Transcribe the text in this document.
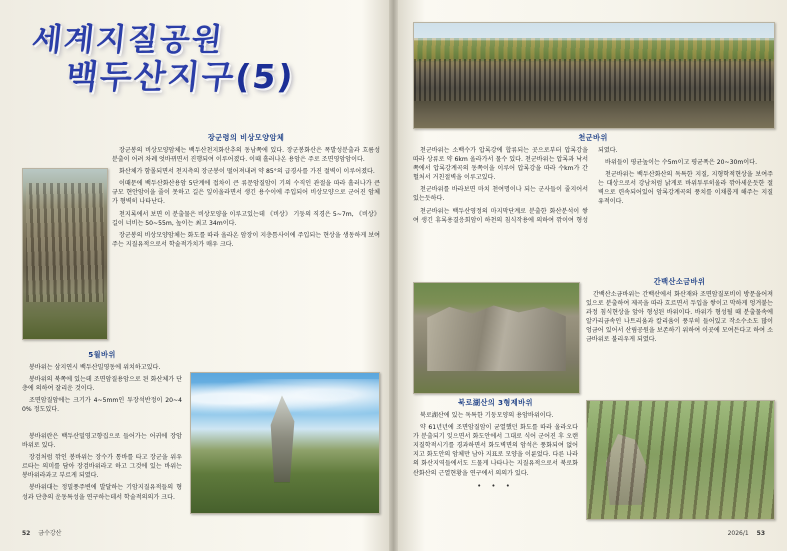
세계지질공원
백두산지구(5)
장군령의 비상모양암체

장군봉의 비상모양암체는 백두산천지화산추의 동남쪽에 있다. 장군봉화산은 폭발성분출과 흐름성분출이 어려 차례 엇바뀌면서 진행되여 이루어졌다. 이때 흘러나온 용암은 주로 조면영암암이다.

화산체가 함몰되면서 천지측의 장군봉이 떨어져내려 약 85°의 급경사를 가진 절벽이 이루어졌다.

이때문에 백두산화산용암 5단계에 접차이 큰 류문암질암이 기의 수직인 관절을 따라 흘러나가 큰 규모 현안암이을 줄이 못하고 길은 잎이올라면서 생긴 용수이에 주입되어 비상모양으로 군어진 암체가 형벽히 나타난다.

천지록에서 보면 이 분출물은 비상모양을 이루고있는데 《비상》 기둥의 직경은 5~7m, 《비상》 길이 너비는 50~55m, 높이는 최고 34m이다.

장군봉의 비상모양암체는 화도를 따라 올라온 암장이 지층틈사이에 주입되는 현상을 생동하게 보여주는 지질유적으로서 학술적가치가 매우 크다.

5월바위

봉바위는 삼지연시 백두산밀영동에 위치하고있다.

봉바위의 북쪽에 있는데 조면암질용암으로 된 화산체가 단층에 의하여 잘리운 것이다.

조면암질암에는 크기가 4~5mm인 투장석반정이 20~40% 정도있다.

봉바위란은 백두산밀영고향집으로 들어가는 어귀에 장암바위로 있다.

장검처럼 깎인 봉바위는 장수가 통바를 타고 장군을 위우르타는 의미를 담아 장검바위라고 하고 그것에 있는 바위는 봉바위라과고 부르게 되였다.

봉바위대는 정밀풍주변에 발달하는 기암지질유적들의 형성과 단층의 운동특성을 연구하는데서 학술적의의가 크다.

52 금수강산
천군바위

천군바위는 소백수가 압록강에 합류되는 곳으로부터 압록강을 따라 상류로 약 6km 올라가서 물수 있다. 천군바위는 압록과 낙서쪽에서 압록강계곡의 동쪽이을 이루어 압록강을 따라 수km가 간헐처서 거친절벽을 이루고있다.

천군바위를 바라보면 마치 천여명이나 되는 군사들이 줄지어서있는듯하다.

천군바위는 백두산영정의 마지막단계로 분출한 화산분석이 쌓여 생긴 휴록용결응회암이 하천의 침식작용에 의하여 깎이여 형성되였다.

바위들이 평균높이는 수5m이고 평균폭은 20~30m이다.

천군바위는 백두산화산의 독특한 지질, 지형학적현상을 보여주는 대상으로서 강남처럼 낡게로 바위투루히올라 깎아세운듯한 절벽으로 련속되어있어 암록강계곡의 풍치를 이채롭게 해주는 지질유적이다.

간백산소금바위

간백산소금바위는 간백산에서 화산재와 조면암질포비이 방문을어져 있으로 분출하여 제곡을 따라 흐르면서 두입을 쌓이고 막하게 엉겨붙는 과정 침식현상을 앞아 형성된 바위이다. 바위가 형성될 때 분출물속에 알카리금속인 나트리움과 칼리움이 풍부히 들어있고 작소수소도 많이 엉금어 있어서 산림공원을 보존하기 위하여 이곳에 모여든다고 하여 소금바위로 불리우게 되였다.

북로湖산의 3형제바위

북로湖산에 있는 독특한 기둥모양의 용암바위이다.

약 61년년에 조면암질암이 균열했던 화도를 따라 올라오다가 분출되기 잊으면서 화도안에서 그대로 식어 군어진 후 오랜 지질학적시기를 경과하면서 화도벽면의 암석은 풍화되여 없어지고 화도안의 암체만 남아 지표로 모양을 이룬었다. 다른 나라의 화산지역들에서도 드물게 나타나는 지질유적으로서 북로화산화산의 근열현황을 연구에서 의의가 있다.

• • •
2026/1 53
